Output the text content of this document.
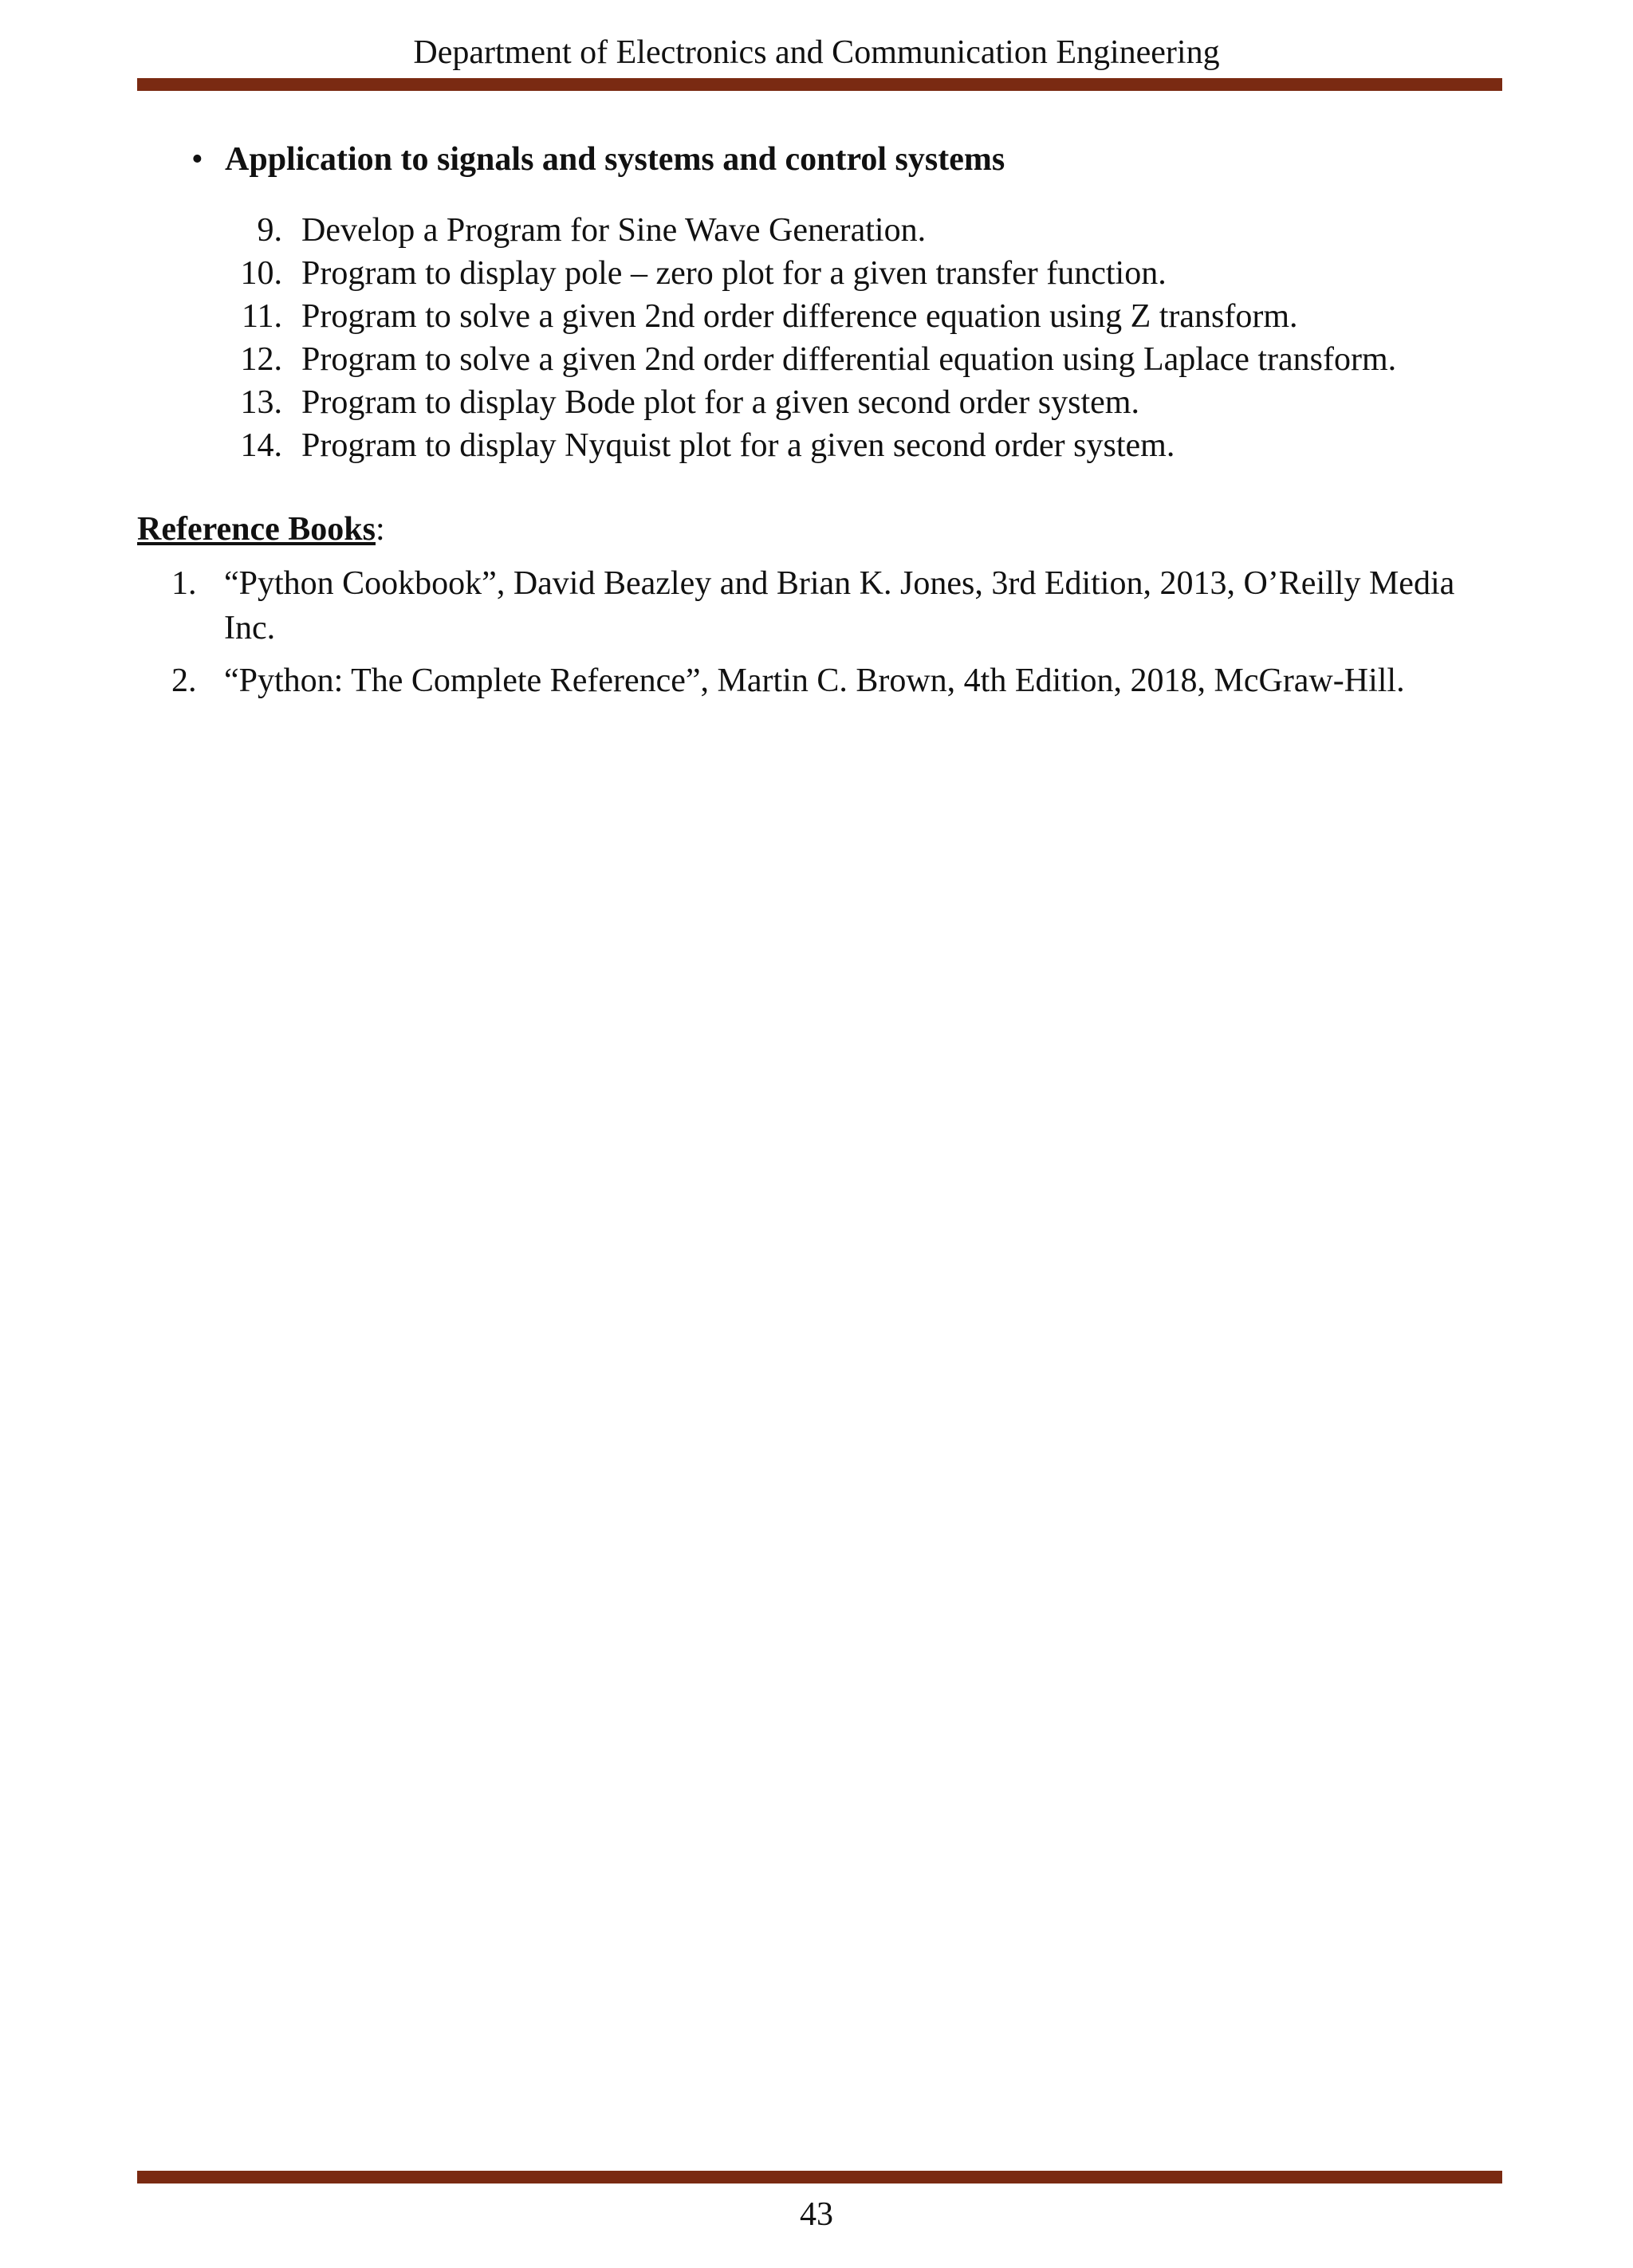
Department of Electronics and Communication Engineering
• Application to signals and systems and control systems
9. Develop a Program for Sine Wave Generation.
10. Program to display pole – zero plot for a given transfer function.
11. Program to solve a given 2nd order difference equation using Z transform.
12. Program to solve a given 2nd order differential equation using Laplace transform.
13. Program to display Bode plot for a given second order system.
14. Program to display Nyquist plot for a given second order system.
Reference Books:
1. “Python Cookbook”, David Beazley and Brian K. Jones, 3rd Edition, 2013, O’Reilly Media Inc.
2. “Python: The Complete Reference”, Martin C. Brown, 4th Edition, 2018, McGraw-Hill.
43
